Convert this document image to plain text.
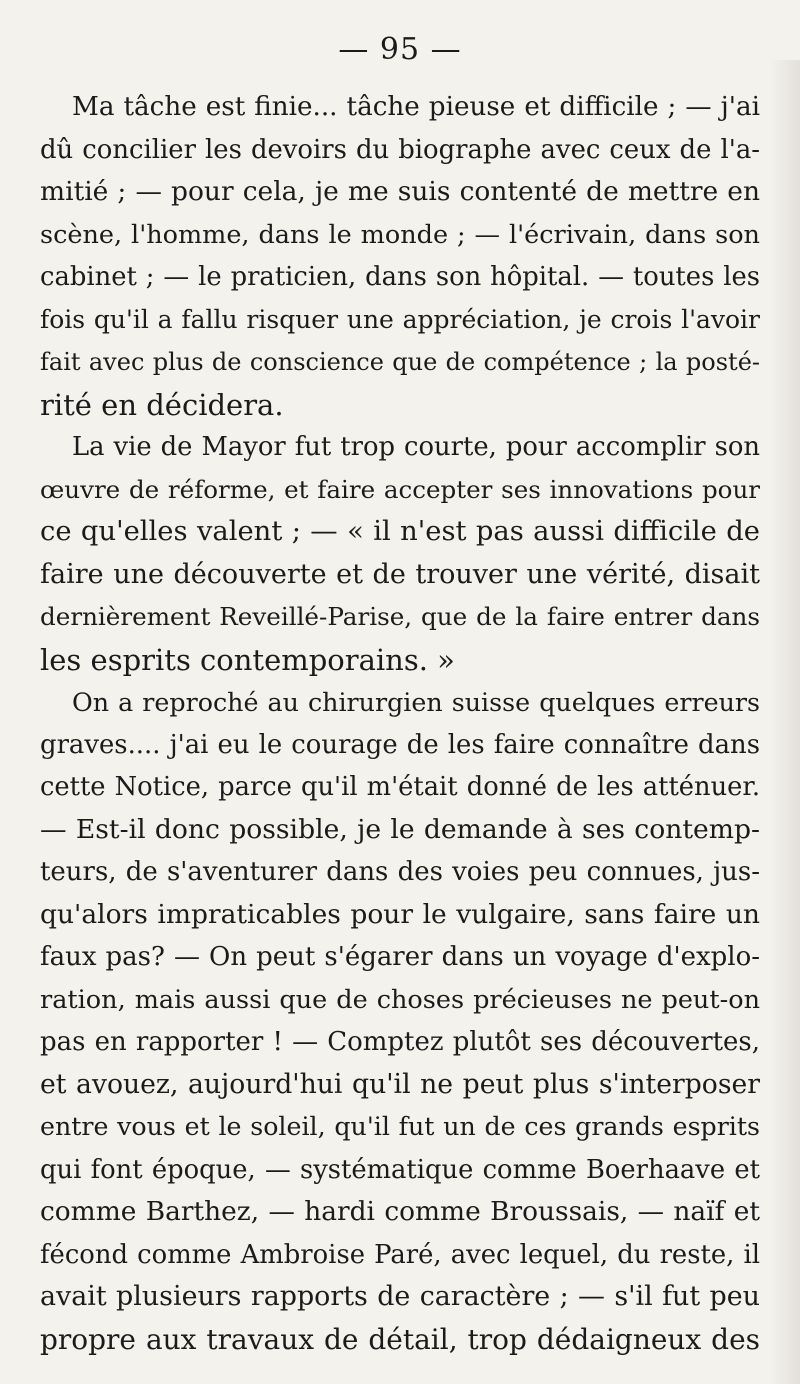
— 95 —
Ma tâche est finie... tâche pieuse et difficile ; — j'ai
dû concilier les devoirs du biographe avec ceux de l'a-
mitié ; — pour cela, je me suis contenté de mettre en
scène, l'homme, dans le monde ; — l'écrivain, dans son
cabinet ; — le praticien, dans son hôpital. — toutes les
fois qu'il a fallu risquer une appréciation, je crois l'avoir
fait avec plus de conscience que de compétence ; la posté-
rité en décidera.
La vie de Mayor fut trop courte, pour accomplir son
œuvre de réforme, et faire accepter ses innovations pour
ce qu'elles valent ; — « il n'est pas aussi difficile de
faire une découverte et de trouver une vérité, disait
dernièrement Reveillé-Parise, que de la faire entrer dans
les esprits contemporains. »
On a reproché au chirurgien suisse quelques erreurs
graves.... j'ai eu le courage de les faire connaître dans
cette Notice, parce qu'il m'était donné de les atténuer.
— Est-il donc possible, je le demande à ses contemp-
teurs, de s'aventurer dans des voies peu connues, jus-
qu'alors impraticables pour le vulgaire, sans faire un
faux pas? — On peut s'égarer dans un voyage d'explo-
ration, mais aussi que de choses précieuses ne peut-on
pas en rapporter ! — Comptez plutôt ses découvertes,
et avouez, aujourd'hui qu'il ne peut plus s'interposer
entre vous et le soleil, qu'il fut un de ces grands esprits
qui font époque, — systématique comme Boerhaave et
comme Barthez, — hardi comme Broussais, — naïf et
fécond comme Ambroise Paré, avec lequel, du reste, il
avait plusieurs rapports de caractère ; — s'il fut peu
propre aux travaux de détail, trop dédaigneux des
